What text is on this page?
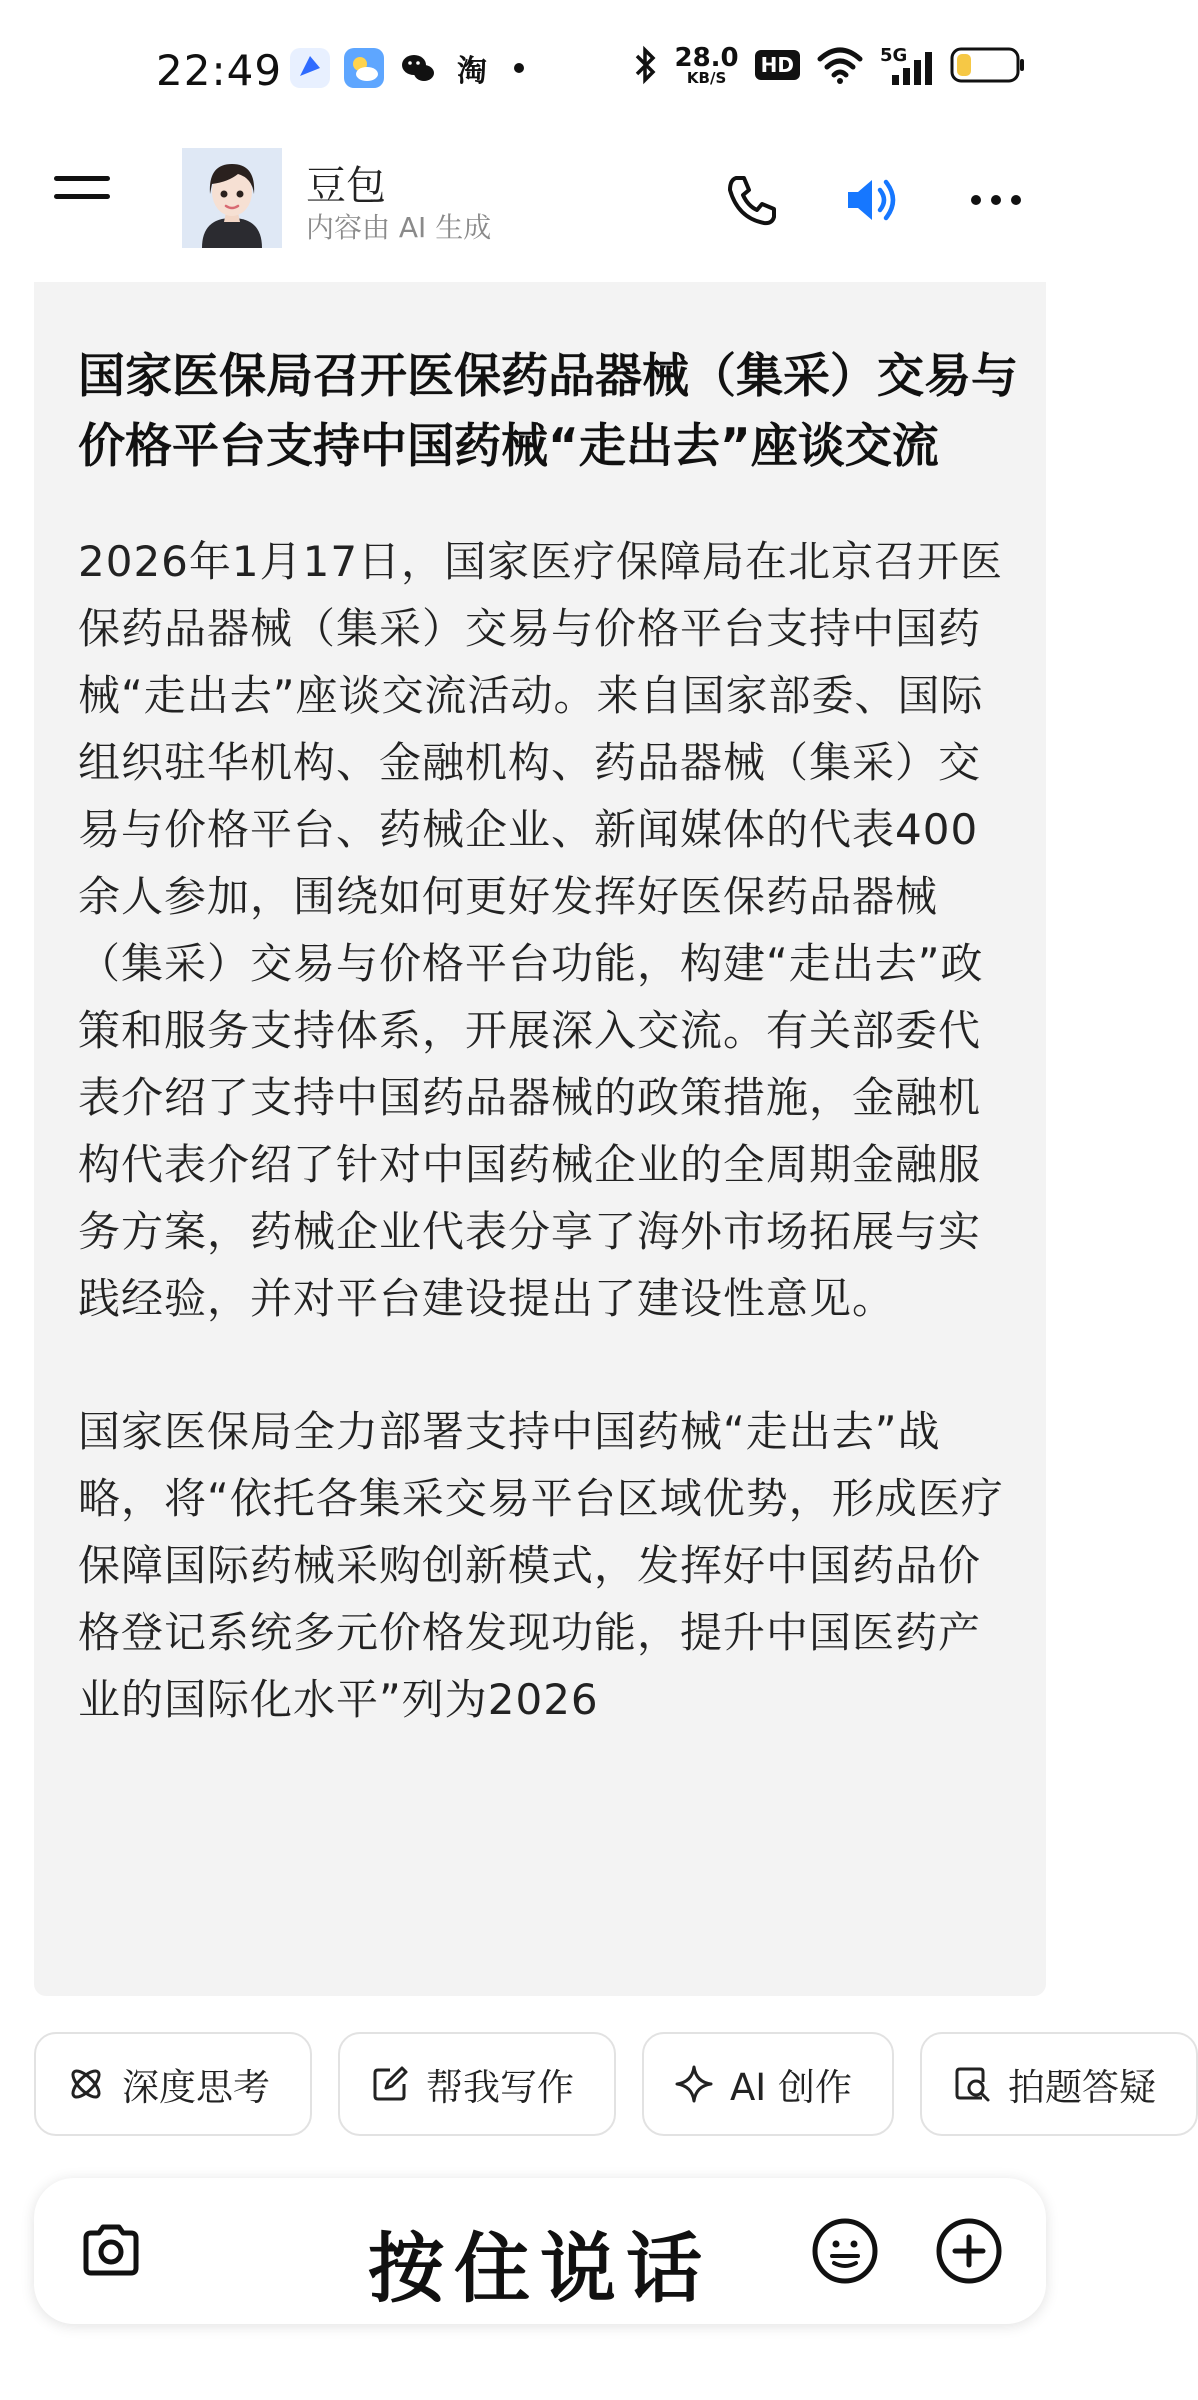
22:49	淘	28.0
KB/S
HD	5G
豆包
内容由 AI 生成
国家医保局召开医保药品器械（集采）交易与价格平台支持中国药械“走出去”座谈交流

2026年1月17日，国家医疗保障局在北京召开医保药品器械（集采）交易与价格平台支持中国药械“走出去”座谈交流活动。来自国家部委、国际组织驻华机构、金融机构、药品器械（集采）交易与价格平台、药械企业、新闻媒体的代表400余人参加，围绕如何更好发挥好医保药品器械（集采）交易与价格平台功能，构建“走出去”政策和服务支持体系，开展深入交流。有关部委代表介绍了支持中国药品器械的政策措施，金融机构代表介绍了针对中国药械企业的全周期金融服务方案，药械企业代表分享了海外市场拓展与实践经验，并对平台建设提出了建设性意见。

国家医保局全力部署支持中国药械“走出去”战略，将“依托各集采交易平台区域优势，形成医疗保障国际药械采购创新模式，发挥好中国药品价格登记系统多元价格发现功能，提升中国医药产业的国际化水平”列为2026

深度思考	帮我写作	AI 创作	拍题答疑
按住说话
